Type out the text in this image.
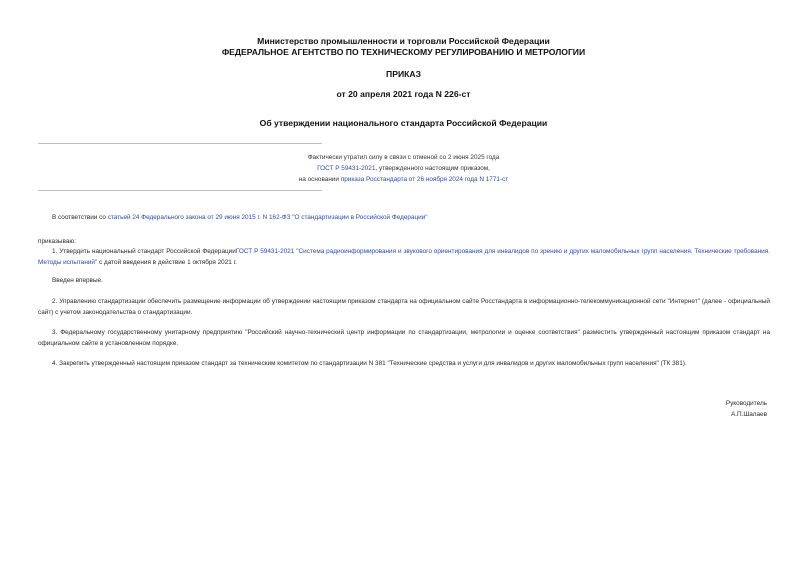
Министерство промышленности и торговли Российской Федерации
ФЕДЕРАЛЬНОЕ АГЕНТСТВО ПО ТЕХНИЧЕСКОМУ РЕГУЛИРОВАНИЮ И МЕТРОЛОГИИ
ПРИКАЗ
от 20 апреля 2021 года N 226-ст
Об утверждении национального стандарта Российской Федерации
Фактически утратил силу в связи с отменой со 2 июня 2025 года
ГОСТ Р 59431-2021, утвержденного настоящим приказом,
на основании приказа Росстандарта от 26 ноября 2024 года N 1771-ст
В соответствии со статьей 24 Федерального закона от 29 июня 2015 г. N 162-ФЗ "О стандартизации в Российской Федерации"
приказываю:
1. Утвердить национальный стандарт Российской ФедерацииГОСТ Р 59431-2021 "Система радиоинформирования и звукового ориентирования для инвалидов по зрению и других маломобильных групп населения. Технические требования. Методы испытаний" с датой введения в действие 1 октября 2021 г.
Введен впервые.
2. Управлению стандартизации обеспечить размещение информации об утверждении настоящим приказом стандарта на официальном сайте Росстандарта в информационно-телекоммуникационной сети "Интернет" (далее - официальный сайт) с учетом законодательства о стандартизации.
3. Федеральному государственному унитарному предприятию "Российский научно-технический центр информации по стандартизации, метрологии и оценке соответствия" разместить утвержденный настоящим приказом стандарт на официальном сайте в установленном порядке.
4. Закрепить утвержденный настоящим приказом стандарт за техническим комитетом по стандартизации N 381 "Технические средства и услуги для инвалидов и других маломобильных групп населения" (ТК 381).
Руководитель
А.П.Шалаев
